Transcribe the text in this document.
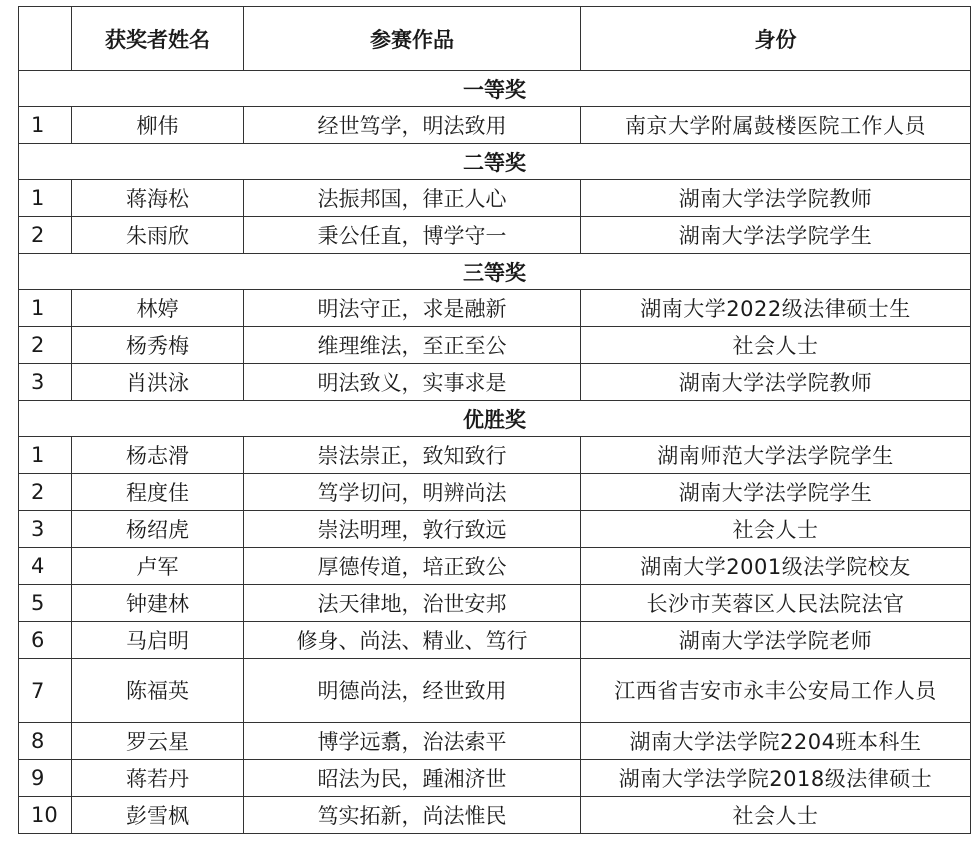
	获奖者姓名	参赛作品	身份
一等奖			
1	柳伟	经世笃学，明法致用	南京大学附属鼓楼医院工作人员
二等奖			
1	蒋海松	法振邦国，律正人心	湖南大学法学院教师
2	朱雨欣	秉公任直，博学守一	湖南大学法学院学生
三等奖			
1	林婷	明法守正，求是融新	湖南大学2022级法律硕士生
2	杨秀梅	维理维法，至正至公	社会人士
3	肖洪泳	明法致义，实事求是	湖南大学法学院教师
优胜奖			
1	杨志滑	崇法崇正，致知致行	湖南师范大学法学院学生
2	程度佳	笃学切问，明辨尚法	湖南大学法学院学生
3	杨绍虎	崇法明理，敦行致远	社会人士
4	卢军	厚德传道，培正致公	湖南大学2001级法学院校友
5	钟建林	法天律地，治世安邦	长沙市芙蓉区人民法院法官
6	马启明	修身、尚法、精业、笃行	湖南大学法学院老师
7	陈福英	明德尚法，经世致用	江西省吉安市永丰公安局工作人员
8	罗云星	博学远翥，治法索平	湖南大学法学院2204班本科生
9	蒋若丹	昭法为民，踵湘济世	湖南大学法学院2018级法律硕士
10	彭雪枫	笃实拓新，尚法惟民	社会人士
